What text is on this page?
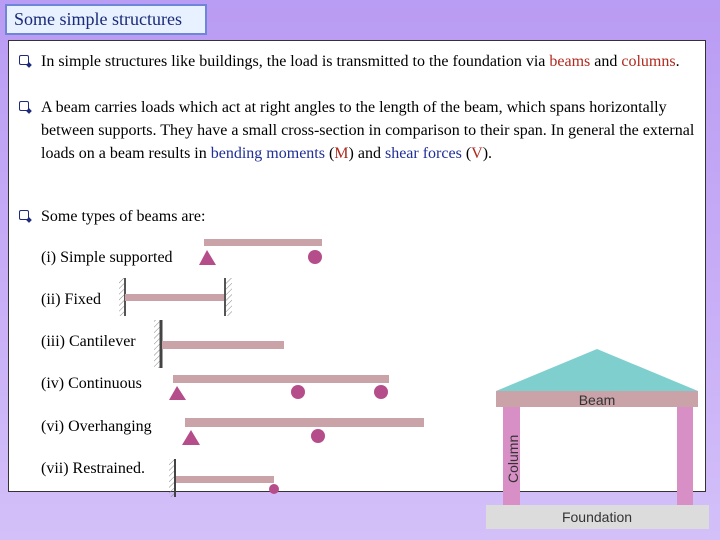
Some simple structures
In simple structures like buildings, the load is transmitted to the foundation via beams and columns.
A beam carries loads which act at right angles to the length of the beam, which spans horizontally between supports. They have a small cross-section in comparison to their span. In general the external loads on a beam results in bending moments (M) and shear forces (V).
Some types of beams are:
(i) Simple supported
(ii) Fixed
(iii) Cantilever
(iv) Continuous
(vi) Overhanging
(vii) Restrained.
Beam
Column
Foundation
